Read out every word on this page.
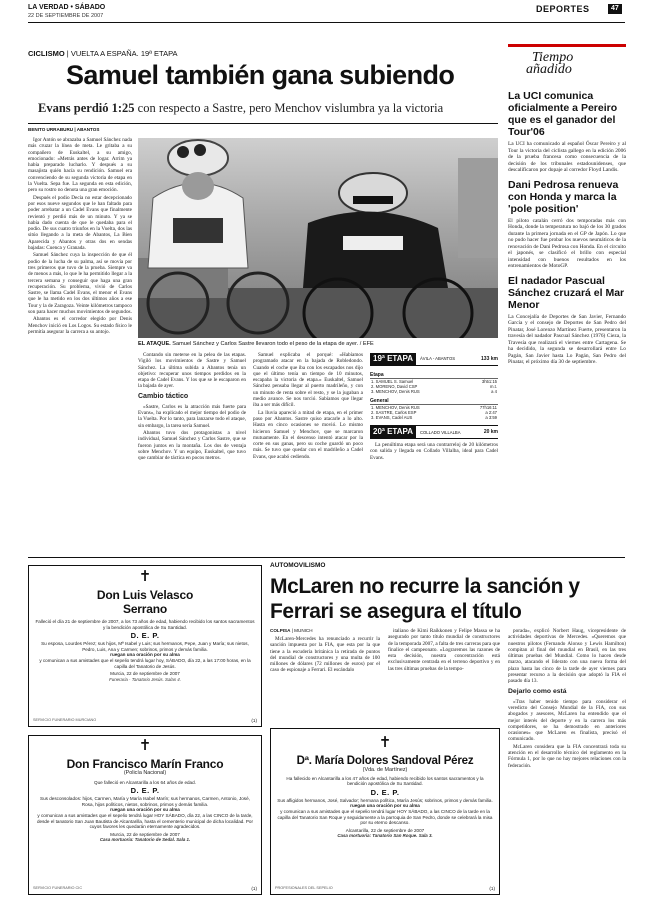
LA VERDAD • SÁBADO
22 DE SEPTIEMBRE DE 2007
DEPORTES	47
CICLISMO | VUELTA A ESPAÑA. 19ª ETAPA
Samuel también gana subiendo
Evans perdió 1:25 con respecto a Sastre, pero Menchov vislumbra ya la victoria
BENITO URRABURU | ABANTOS
EL ATAQUE. Samuel Sánchez y Carlos Sastre llevaron todo el peso de la etapa de ayer. / EFE

Igor Antón se abrazaba a Samuel Sánchez nada más cruzar la línea de meta. Le gritaba a su compañero de Euskaltel, a su amigo, emocionado: «Metrás antes de logar. Arrim ya había preparado lucharlo. Y después a su masajista quién hacía su rendición. Samuel era convenciendo de su segunda victoria de etapa en la Vuelta. Sepa fue. La segunda en esta edición, pero su rostro no denota una gran emoción.

Después el podio Decía no estar decepcionado por esos nueve segundos que le han faltado para poder arrebatar a un Cadel Evans que finalmente revientó y perdió más de un minuto. Y ya se había dado cuenta de que le quedaba para el podio. De sus cuatro triunfos en la Vuelta, dos las sitúo llegando a la meta de Abantos, La Bien Aparecida y Abantos y otras dos en sendas bajadas: Cuenca y Granada.

Samuel Sánchez cuya la inspección de que él podio de la lucha de su palma, así se movía por tres primeros que tuvo de la prueba. Siempre va de menos a más, lo que le ha permitido llegar a la tercera semana y conseguir que haga una gran recuperación. Su problema, vivió de Carlos Sastre, se llama Cadel Evans, el menor el Evans que le ha metido en los dos últimos años a ese Tour y la de Zaragoza. Veinte kilómetros tampoco son para hacer muchos movimientos de segundos.

Abantos es el corredor elegido por Denis Menchov inició en Los Logos. Su estado físico le permitía asegurar la carrera a su antojo.

Contando sin meterse en la pelea de las etapas. Vigiló los movimientos de Sastre y Samuel Sánchez. La última subida a Abantos tenía un objetivo: recuperar unos tiempos perdidos en la etapa de Cadel Evans. Y los que se le escaparon en la bajada de ayer.

Cambio táctico

«Sastre, Carlos es la atracción más fuerte para Evans», ha explicado el mejor tiempo del podio de la Vuelta. Por lo tanto, para lanzarse todo el ataque, sin embargo, la tarea sería Samuel.

Abantos tuvo dos protagonistas a nivel individual, Samuel Sánchez y Carlos Sastre, que se fueron juntos en la montaña. Los dos de ventaja sobre Menchov. Y un equipo, Euskaltel, que tuvo que cambiar de táctica en pocos metros.

Samuel explicaba el porqué: «Habíamos programado atacar en la bajada de Robledondo. Cuando el coche que iba con los escapados nos dijo que el último tenía un tiempo de 10 minutos, escapaba la victoria de etapa.» Euskaltel, Samuel Sánchez pensaba llegar al puerto madrileño, y con un minuto de renta sobre el resto, y se la jugaban a medio avance. Se nos torció. Sabíamos que llegar iba a ser más difícil.

La lluvia apareció a mitad de etapa, en el primer paso por Abantos. Sastre quiso atacarle a lo alto. Hasta en cinco ocasiones se movió. Lo mismo hicieron Samuel y Menchov, que se marcaron mutuamente. En el descenso intentó atacar por la corte en sus ganas, pero su coche guardó un poco más. Se tuvo que quedar con el madrileño a Cadel Evans, que acabó cediendo.

19ª ETAPA	ÁVILA - ABANTOS	133 km
Etapa
1. SAMUEL S. Samuel	3h51:15
2. MORENO, David CSP	m.t.
3. MENCHOV, Denis RUS	a 4
General
1. MENCHOV, Denis RUS	77h16:11
2. SASTRE, Carlos ESP	a 2:47
3. EVANS, Cadel AUS	a 3:59
20ª ETAPA	COLLADO VILLALBA	20 km

La penúltima etapa será una contrarreloj de 20 kilómetros con salida y llegada en Collado Villalba, ideal para Cadel Evans.

Tiempo
añadido
La UCI comunica oficialmente a Pereiro que es el ganador del Tour'06

La UCI ha comunicado al español Óscar Pereiro y al Tour la victoria del ciclista gallego en la edición 2006 de la prueba francesa como consecuencia de la decisión de los tribunales estadounidenses, que descalificaron por dopaje al corredor Floyd Landis.

Dani Pedrosa renueva con Honda y marca la 'pole position'

El piloto catalán cerró dos temporadas más con Honda, donde la temperatura no bajó de los 30 grados durante la primera jornada en el GP de Japón. Lo que no pudo hacer fue probar los nuevos neumáticos de la renovación de Dani Pedrosa con Honda. En el circuito el japonés, se clasificó el brillo con especial intensidad con buenos resultados en los entrenamientos de MotoGP.

El nadador Pascual Sánchez cruzará el Mar Menor

La Concejalía de Deportes de San Javier, Fernando García y el consejo de Deportes de San Pedro del Pinatar, José Lorenzo Martínez Fuerte, presentaron la travesía del nadador Pascual Sánchez (1976) Cieza, la Travesía que realizará el viernes entre Cartagena. Se ha decidido, la segunda se desarrollará entre Lo Pagán, San Javier hasta Lo Pagán, San Pedro del Pinatar, el próximo día 30 de septiembre.

AUTOMOVILISMO
McLaren no recurre la sanción y
Ferrari se asegura el título
COLPISA | MUNICH

McLaren-Mercedes ha renunciado a recurrir la sanción impuesta por la FIA, que esta por la que tiene a la escudería británica la retirada de puntos del mundial de constructores y una multa de 100 millones de dólares (72 millones de euros) por el caso de espionaje a Ferrari. El escándalo

italiano de Kimi Raikkonen y Felipe Massa se ha asegurado por tanto título mundial de constructores de la temporada 2007, a falta de tres carreras para que finalice el campeonato. «Lograremos las razones de esta decisión, nuestra concentración está exclusivamente centrada en el terreno deportivo y en las tres últimas pruebas de la tempo-

porada», explicó Norbert Haug, vicepresidente de actividades deportivas de Mercedes. «Queremos que nuestros pilotos (Fernando Alonso y Lewis Hamilton) compitan al final del mundial en Brasil, en las tres últimas pruebas del Mundial. Como lo hacen desde marzo, atacando el liderato con una nueva forma del plazo hasta las cinco de la tarde de ayer viernes para presentar recurso a la decisión que adoptó la FIA el pasado día 13.

Dejarlo como está

«Tras haber tenido tiempo para considerar el veredicto del Consejo Mundial de la FIA, con sus abogados y asesores, McLaren ha entendido que el mejor interés del deporte y en la carrera los más competidores, se ha demostrado en anteriores ocasiones» que McLaren es finalista, precisó el comunicado.

McLaren considera que la FIA concentrará toda su atención en el desarrollo técnico del reglamento en la Fórmula 1, por lo que no hay mejores relaciones con la federación.

✝
Don Luis Velasco
Serrano
Falleció el día 21 de septiembre de 2007, a los 73 años de edad, habiendo recibido los santos sacramentos y la bendición apostólica de Su Santidad.
D. E. P.
Su esposa, Lourdes Pérez; sus hijos, Mª Isabel y Luis; sus hermanos, Pepe, Juan y María; sus nietos, Pedro, Luis, Ana y Carmen; sobrinos, primos y demás familia.
ruegan una oración por su alma
y comunican a sus amistades que el sepelio tendrá lugar hoy, SÁBADO, día 22, a las 17:00 horas, en la capilla del Tanatorio de Jesús.
Murcia, 22 de septiembre de 2007
Funeraria · Tanatorio Jesús. Salas 4.
SERVICIO FUNERARIO MURCIANO	(1)
✝
Don Francisco Marín Franco
(Policía Nacional)
Que falleció en Alcantarilla a los 64 años de edad.
D. E. P.
Sus desconsolados: hijos, Carmen, María y María Isabel Marín; sus hermanos, Carmen, Antonio, José, Rosa, hijos políticos, nietos, sobrinos, primos y demás familia.
ruegan una oración por su alma
y comunican a sus amistades que el sepelio tendrá lugar HOY SÁBADO, día 22, a las CINCO de la tarde, desde el tanatorio San Juan Bautista de Alcantarilla, hasta el cementerio municipal de dicha localidad. Por cuyos favores les quedarán eternamente agradecidos.
Murcia, 22 de septiembre de 2007
Casa mortuoria: Tanatorio de Sedal. Sala 1.
SERVICIO FUNERARIO CIC	(1)
✝
Dª. María Dolores Sandoval Pérez
(Vda. de Martínez)
Ha fallecido en Alcantarilla a los 47 años de edad, habiendo recibido los santos sacramentos y la bendición apostólica de Su Santidad.
D. E. P.
Sus afligidos hermanos, José, Salvador; hermana política, María Jesús; sobrinos, primos y demás familia.
ruegan una oración por su alma
y comunican a sus amistades que el sepelio tendrá lugar HOY SÁBADO, a las CINCO de la tarde en la capilla del Tanatorio San Roque y seguidamente a la parroquia de San Pedro, donde se celebrará la misa por su eterno descanso.
Alcantarilla, 22 de septiembre de 2007
Casa mortuoria: Tanatorio San Roque. Sala 3.
PROFESIONALES DEL SEPELIO	(1)
